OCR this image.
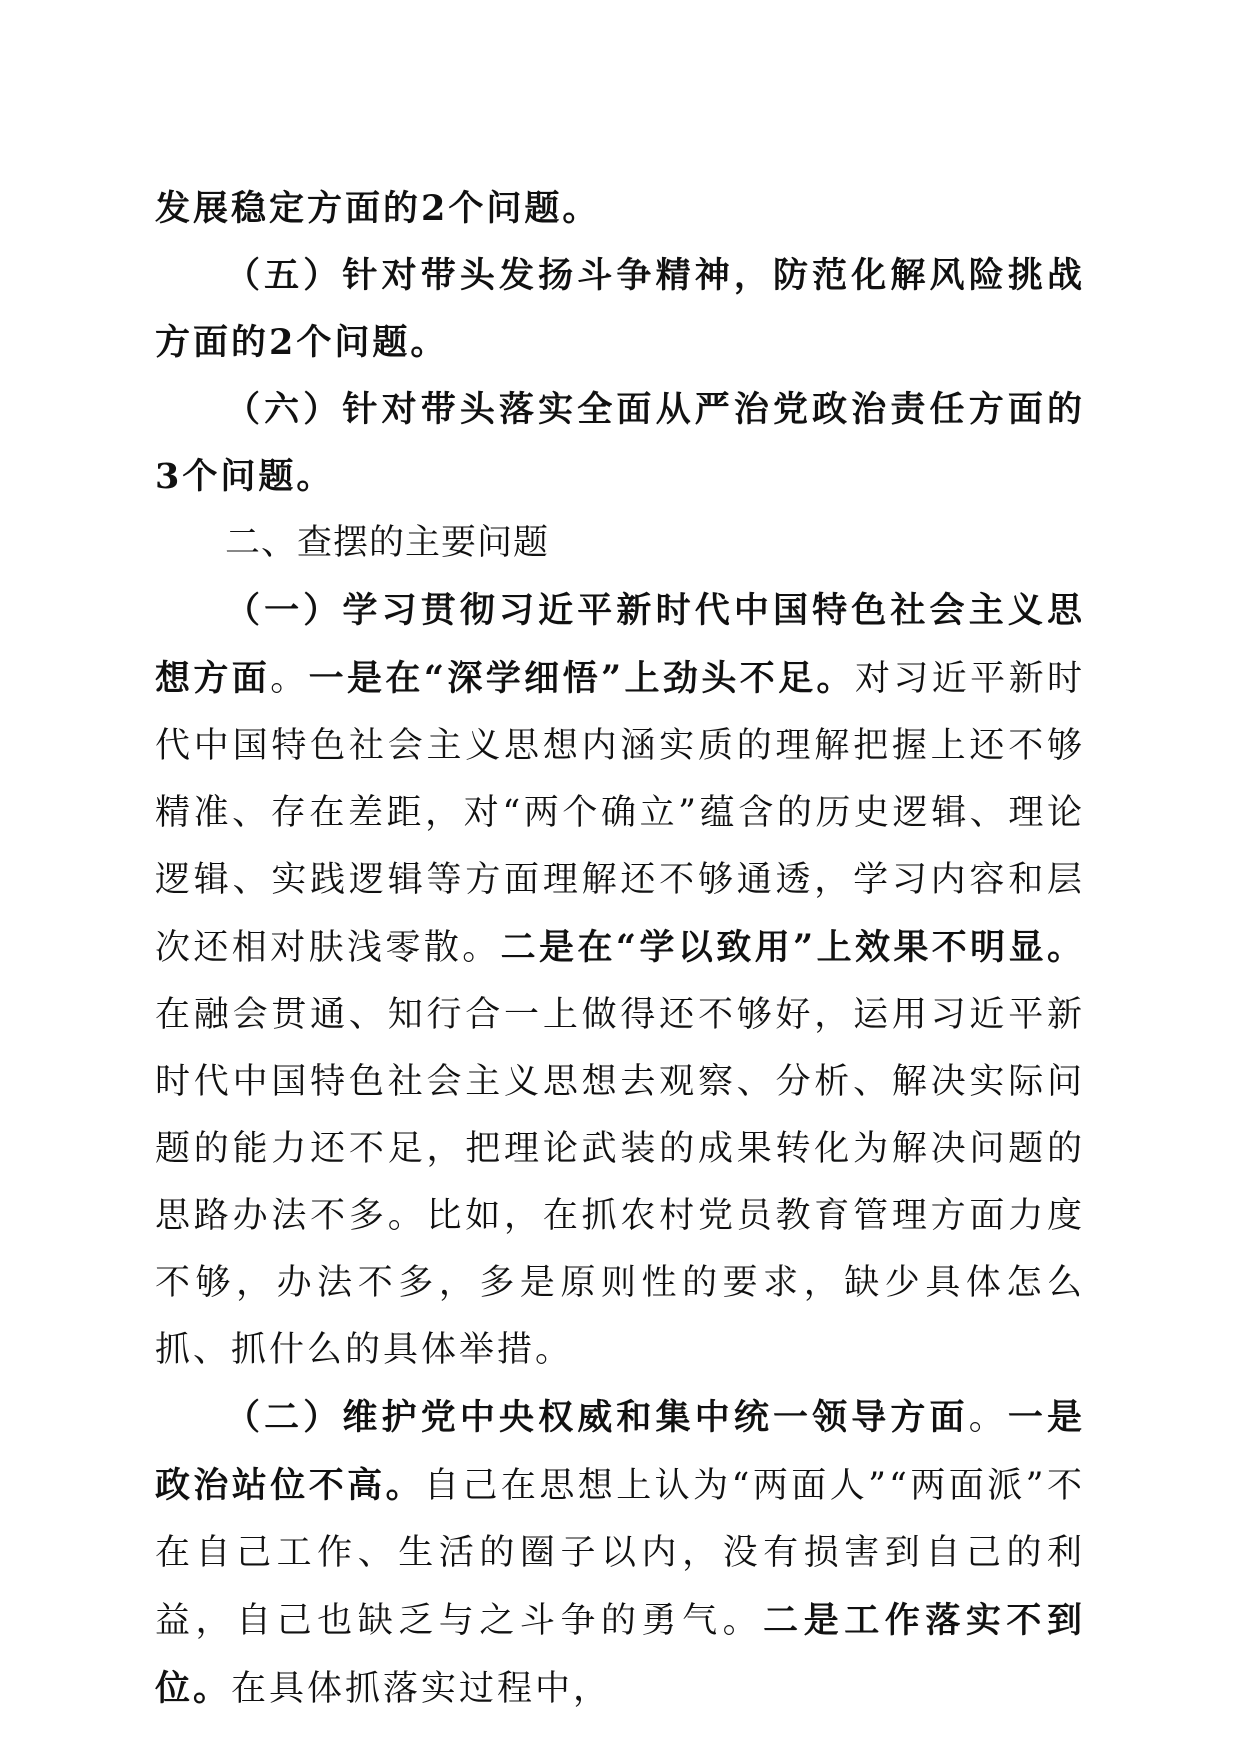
发展稳定方面的2个问题。

（五）针对带头发扬斗争精神，防范化解风险挑战方面的2个问题。

（六）针对带头落实全面从严治党政治责任方面的3个问题。

二、查摆的主要问题

（一）学习贯彻习近平新时代中国特色社会主义思想方面。一是在“深学细悟”上劲头不足。对习近平新时代中国特色社会主义思想内涵实质的理解把握上还不够精准、存在差距，对“两个确立”蕴含的历史逻辑、理论逻辑、实践逻辑等方面理解还不够通透，学习内容和层次还相对肤浅零散。二是在“学以致用”上效果不明显。在融会贯通、知行合一上做得还不够好，运用习近平新时代中国特色社会主义思想去观察、分析、解决实际问题的能力还不足，把理论武装的成果转化为解决问题的思路办法不多。比如，在抓农村党员教育管理方面力度不够，办法不多，多是原则性的要求，缺少具体怎么抓、抓什么的具体举措。

（二）维护党中央权威和集中统一领导方面。一是政治站位不高。自己在思想上认为“两面人”“两面派”不在自己工作、生活的圈子以内，没有损害到自己的利益，自己也缺乏与之斗争的勇气。二是工作落实不到位。在具体抓落实过程中，
